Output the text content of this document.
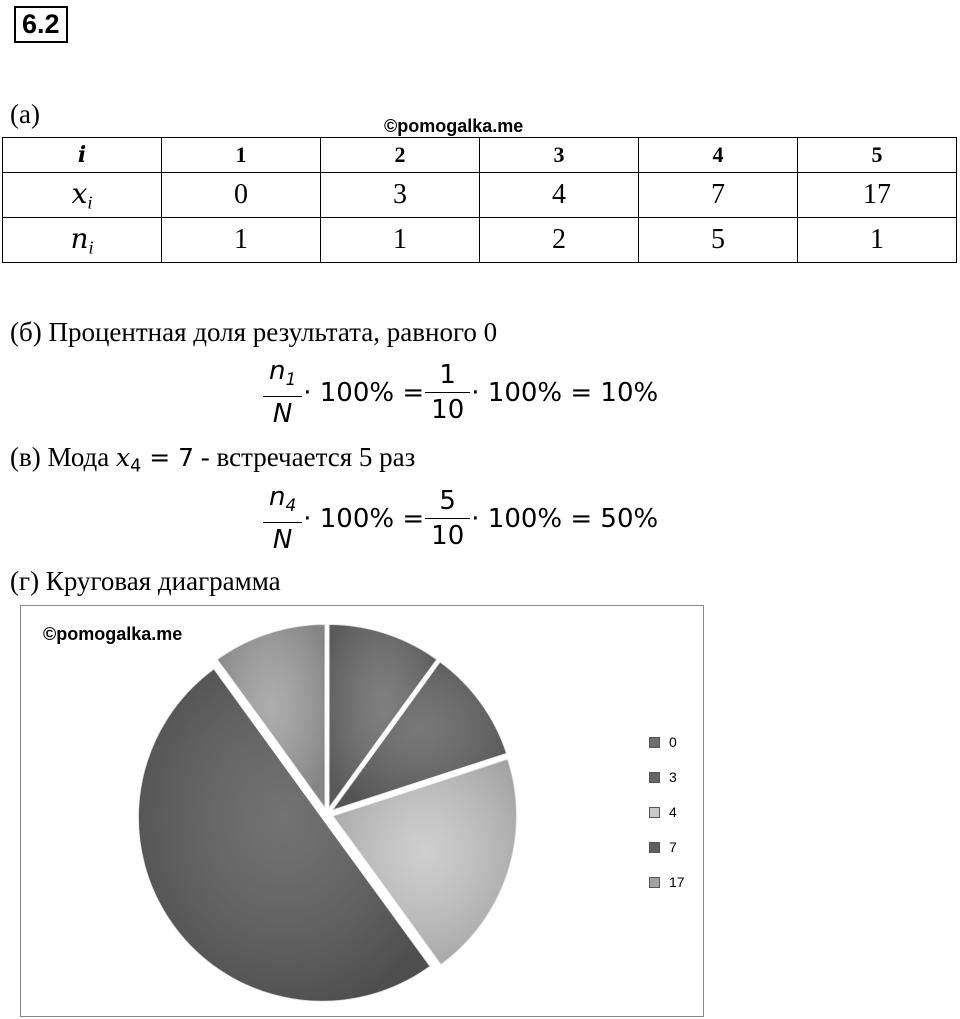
6.2
(а)	©pomogalka.me
i	1	2	3	4	5
$x_i$	0	3	4	7	17
$n_i$	1	1	2	5	1
(б) Процентная доля результата, равного 0
$\frac{n_1}{N} \cdot 100\% = \frac{1}{10} \cdot 100\% = 10\%$
(в) Мода $x_4 = 7$ - встречается 5 раз
$\frac{n_4}{N} \cdot 100\% = \frac{5}{10} \cdot 100\% = 50\%$
(г) Круговая диаграмма
©pomogalka.me
0
3
4
7
17
